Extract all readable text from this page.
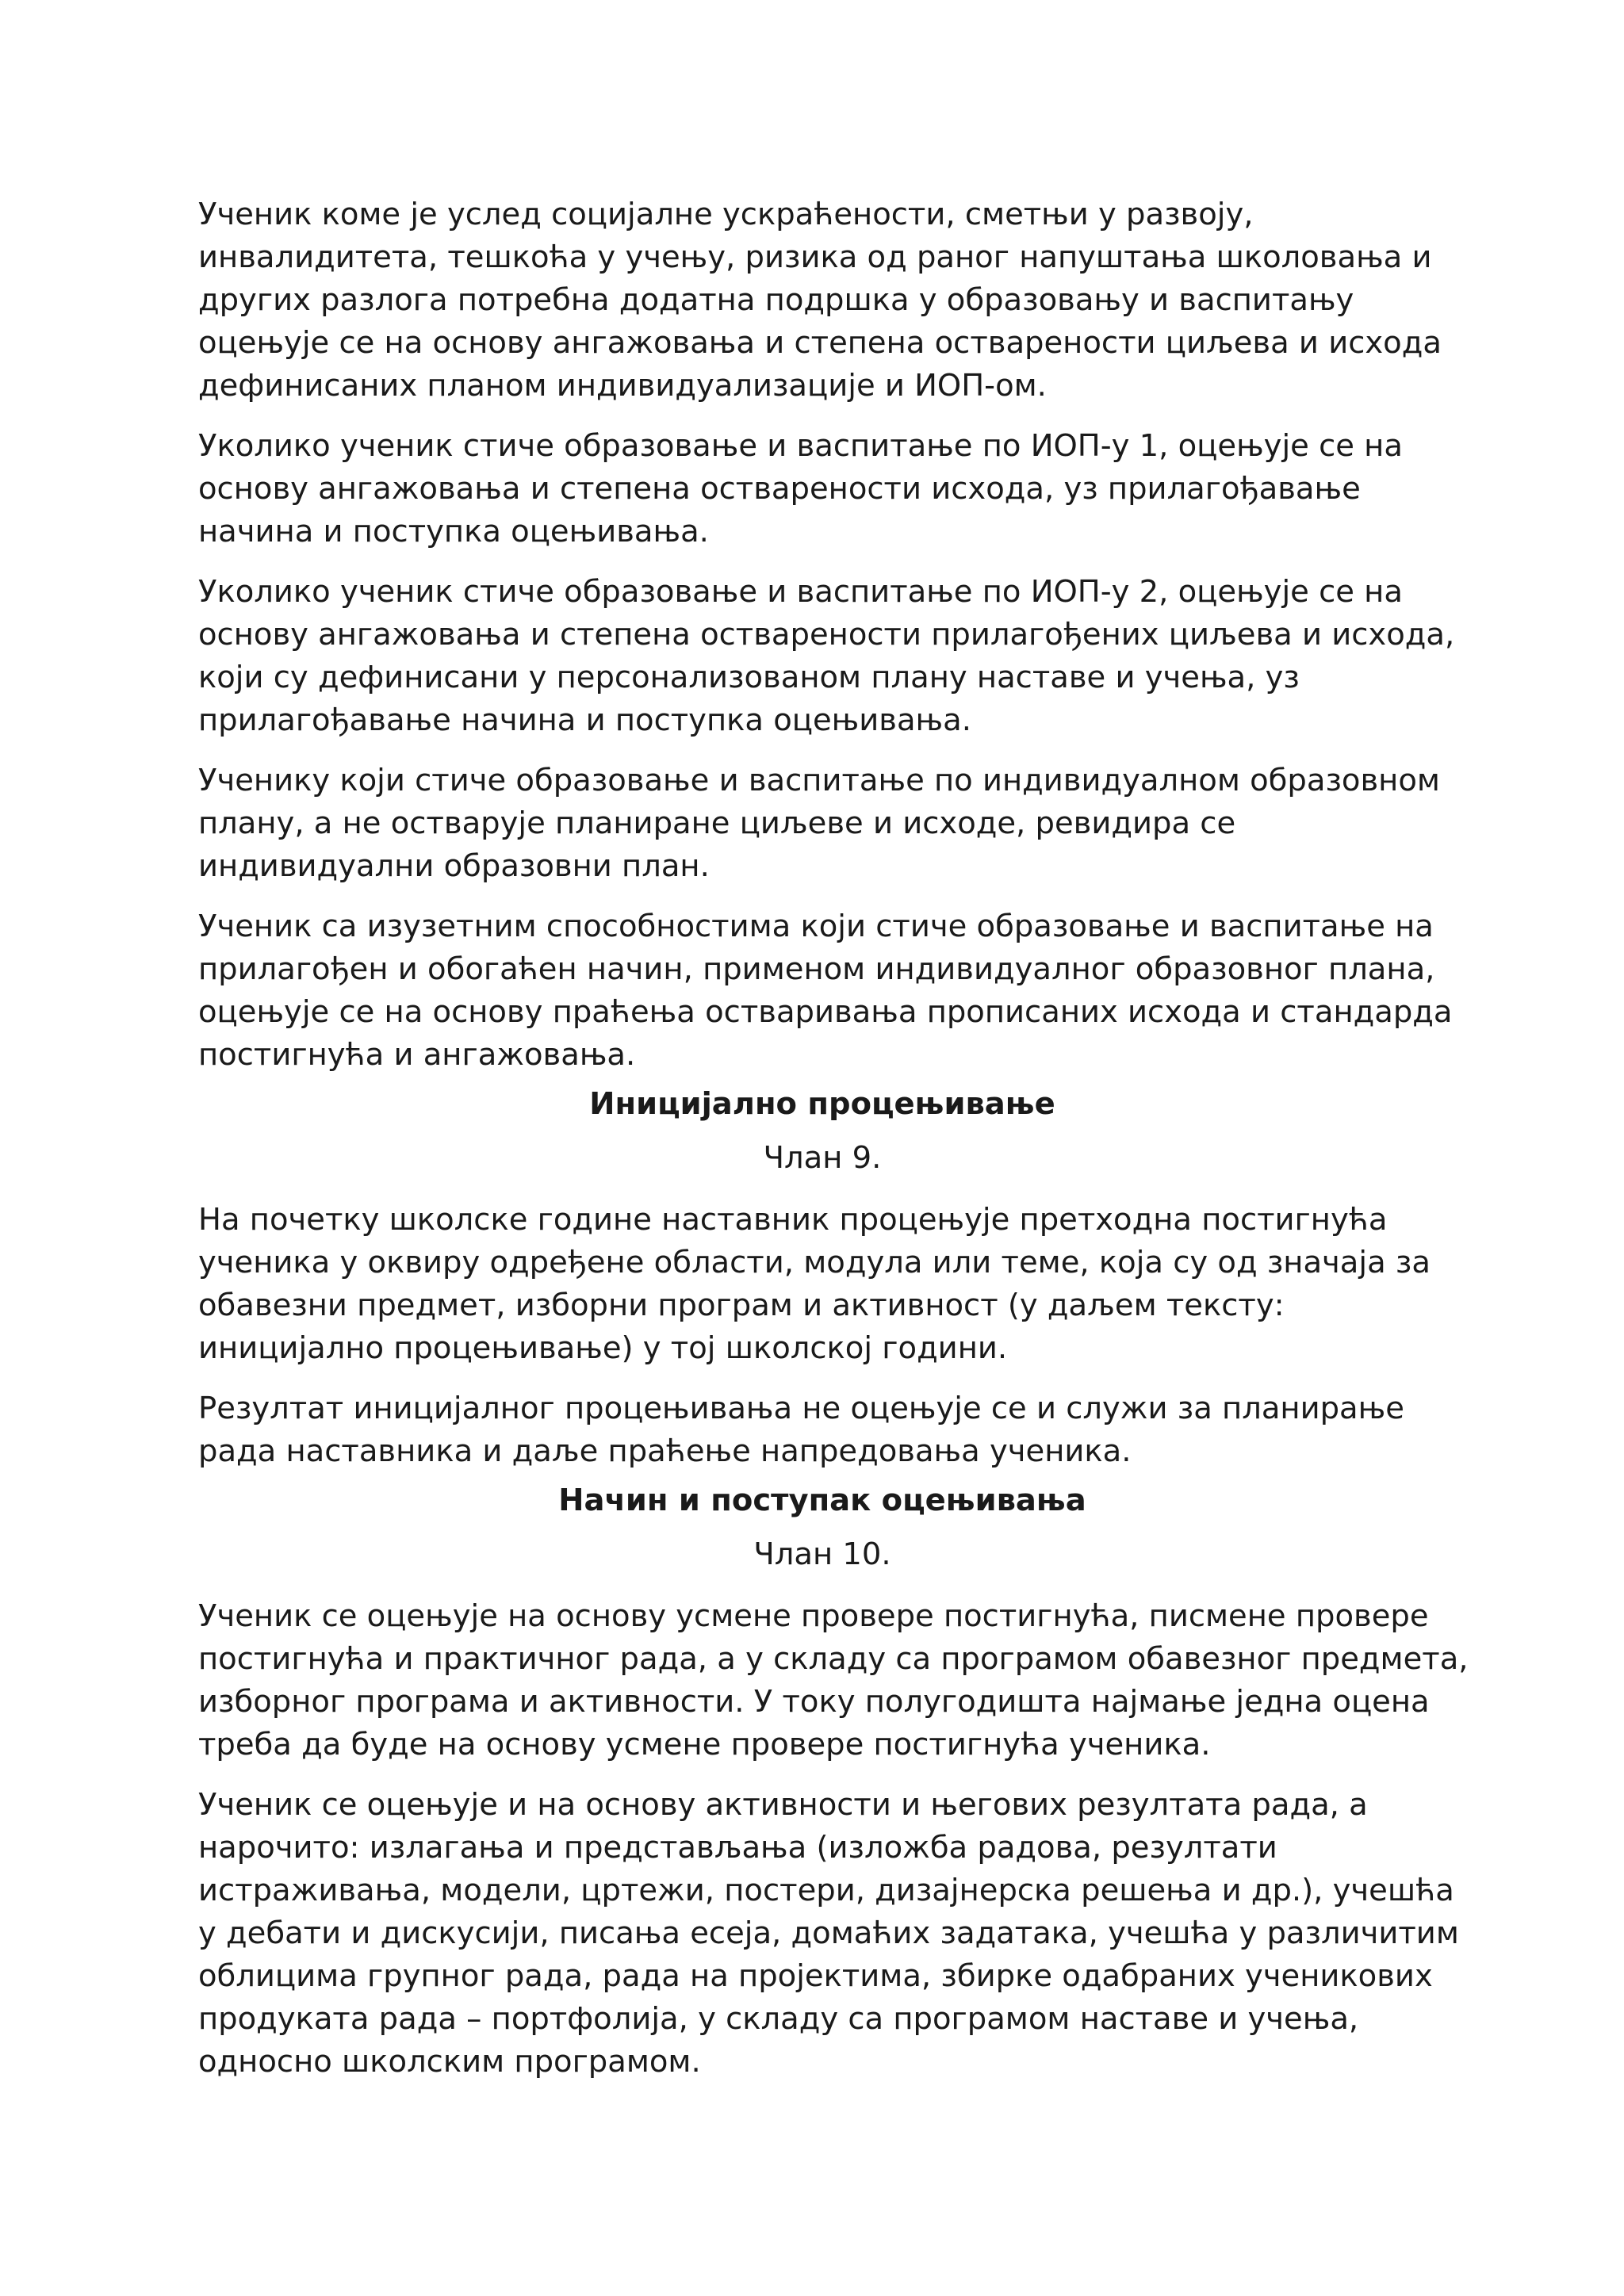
Ученик коме је услед социјалне ускраћености, сметњи у развоју,
инвалидитета, тешкоћа у учењу, ризика од раног напуштања школовања и
других разлога потребна додатна подршка у образовању и васпитању
оцењује се на основу ангажовања и степена остварености циљева и исхода
дефинисаних планом индивидуализације и ИОП-ом.
Уколико ученик стиче образовање и васпитање по ИОП-у 1, оцењује се на
основу ангажовања и степена остварености исхода, уз прилагођавање
начина и поступка оцењивања.
Уколико ученик стиче образовање и васпитање по ИОП-у 2, оцењује се на
основу ангажовања и степена остварености прилагођених циљева и исхода,
који су дефинисани у персонализованом плану наставе и учења, уз
прилагођавање начина и поступка оцењивања.
Ученику који стиче образовање и васпитање по индивидуалном образовном
плану, а не остварује планиране циљеве и исходе, ревидира се
индивидуални образовни план.
Ученик са изузетним способностима који стиче образовање и васпитање на
прилагођен и обогаћен начин, применом индивидуалног образовног плана,
оцењује се на основу праћења остваривања прописаних исхода и стандарда
постигнућа и ангажовања.
Иницијално процењивање
Члан 9.
На почетку школске године наставник процењује претходна постигнућа
ученика у оквиру одређене области, модула или теме, која су од значаја за
обавезни предмет, изборни програм и активност (у даљем тексту:
иницијално процењивање) у тој школској години.
Резултат иницијалног процењивања не оцењује се и служи за планирање
рада наставника и даље праћење напредовања ученика.
Начин и поступак оцењивања
Члан 10.
Ученик се оцењује на основу усмене провере постигнућа, писмене провере
постигнућа и практичног рада, а у складу са програмом обавезног предмета,
изборног програма и активности. У току полугодишта најмање једна оцена
треба да буде на основу усмене провере постигнућа ученика.
Ученик се оцењује и на основу активности и његових резултата рада, а
нарочито: излагања и представљања (изложба радова, резултати
истраживања, модели, цртежи, постери, дизајнерска решења и др.), учешћа
у дебати и дискусији, писања есеја, домаћих задатака, учешћа у различитим
облицима групног рада, рада на пројектима, збирке одабраних ученикових
продуката рада – портфолија, у складу са програмом наставе и учења,
односно школским програмом.
